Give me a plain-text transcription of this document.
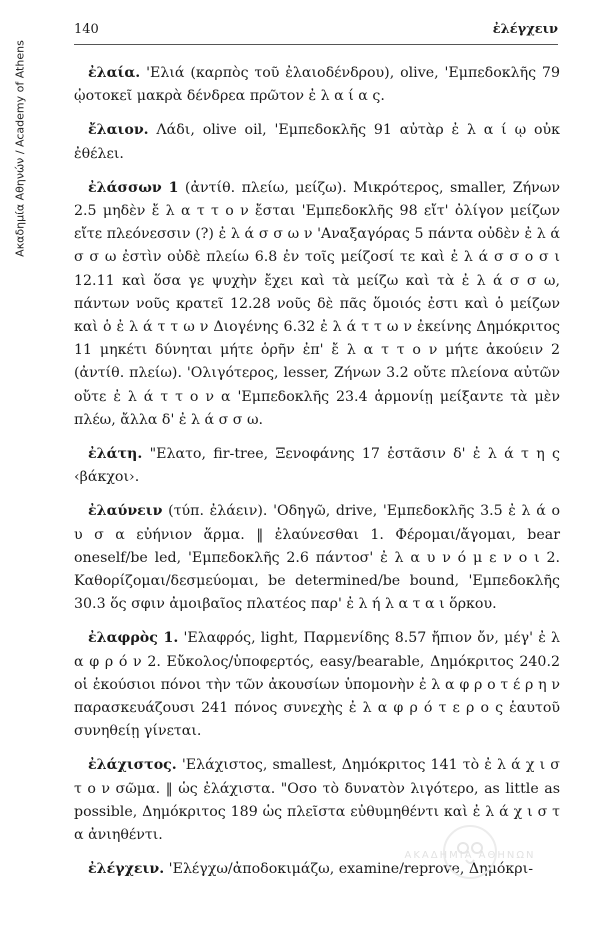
Ακαδημία Αθηνών / Academy of Athens
140	ἐλέγχειν

ἐλαία. 'Ελιά (καρπὸς τοῦ ἐλαιοδένδρου), olive, 'Εμπεδοκλῆς 79 ᾠοτοκεῖ μακρὰ δένδρεα πρῶτον ἐ λ α ί α ς.

ἔλαιον. Λάδι, olive oil, 'Εμπεδοκλῆς 91 αὐτὰρ ἐ λ α ί ῳ οὐκ ἐθέλει.

ἐλάσσων 1 (ἀντίθ. πλείω, μείζω). Μικρότερος, smaller, Ζήνων 2.5 μηδὲν ἔ λ α τ τ ο ν ἔσται 'Εμπεδοκλῆς 98 εἴτ' ὀλίγον μείζων εἴτε πλεόνεσσιν (?) ἐ λ ά σ σ ω ν 'Αναξαγόρας 5 πάντα οὐδὲν ἐ λ ά σ σ ω ἐστὶν οὐδὲ πλείω 6.8 ἐν τοῖς μείζοσί τε καὶ ἐ λ ά σ σ ο σ ι 12.11 καὶ ὅσα γε ψυχὴν ἔχει καὶ τὰ μείζω καὶ τὰ ἐ λ ά σ σ ω, πάντων νοῦς κρατεῖ 12.28 νοῦς δὲ πᾶς ὅμοιός ἐστι καὶ ὁ μείζων καὶ ὁ ἐ λ ά τ τ ω ν Διογένης 6.32 ἐ λ ά τ τ ω ν ἐκείνης Δημόκριτος 11 μηκέτι δύνηται μήτε ὁρῆν ἐπ' ἔ λ α τ τ ο ν μήτε ἀκούειν 2 (ἀντίθ. πλείω). 'Ολιγότερος, lesser, Ζήνων 3.2 οὔτε πλείονα αὐτῶν οὔτε ἐ λ ά τ τ ο ν α 'Εμπεδοκλῆς 23.4 ἁρμονίῃ μείξαντε τὰ μὲν πλέω, ἄλλα δ' ἐ λ ά σ σ ω.

ἐλάτη. "Ελατο, fir-tree, Ξενοφάνης 17 ἑστᾶσιν δ' ἐ λ ά τ η ς ‹βάκχοι›.

ἐλαύνειν (τύπ. ἐλάειν). 'Οδηγῶ, drive, 'Εμπεδοκλῆς 3.5 ἐ λ ά ο υ σ α εὐήνιον ἅρμα. ‖ ἐλαύνεσθαι 1. Φέρομαι/ἄγομαι, bear oneself/be led, 'Εμπεδοκλῆς 2.6 πάντοσ' ἐ λ α υ ν ό μ ε ν ο ι 2. Καθορίζομαι/δεσμεύομαι, be determined/be bound, 'Εμπεδοκλῆς 30.3 ὅς σφιν ἀμοιβαῖος πλατέος παρ' ἐ λ ή λ α τ α ι ὅρκου.

ἐλαφρὸς 1. 'Ελαφρός, light, Παρμενίδης 8.57 ἤπιον ὄν, μέγ' ἐ λ α φ ρ ό ν 2. Εὔκολος/ὑποφερτός, easy/bearable, Δημόκριτος 240.2 οἱ ἑκούσιοι πόνοι τὴν τῶν ἀκουσίων ὑπομονὴν ἐ λ α φ ρ ο τ έ ρ η ν παρασκευάζουσι 241 πόνος συνεχὴς ἐ λ α φ ρ ό τ ε ρ ο ς ἑαυτοῦ συνηθείῃ γίνεται.

ἐλάχιστος. 'Ελάχιστος, smallest, Δημόκριτος 141 τὸ ἐ λ ά χ ι σ τ ο ν σῶμα. ‖ ὡς ἐλάχιστα. "Οσο τὸ δυνατὸν λιγότερο, as little as possible, Δημόκριτος 189 ὡς πλεῖστα εὐθυμηθέντι καὶ ἐ λ ά χ ι σ τ α ἀνιηθέντι.

ἐλέγχειν. 'Ελέγχω/ἀποδοκιμάζω, examine/reprove, Δημόκρι-

ΑΚΑΔΗΜΙΑ ΑΘΗΝΩΝ
